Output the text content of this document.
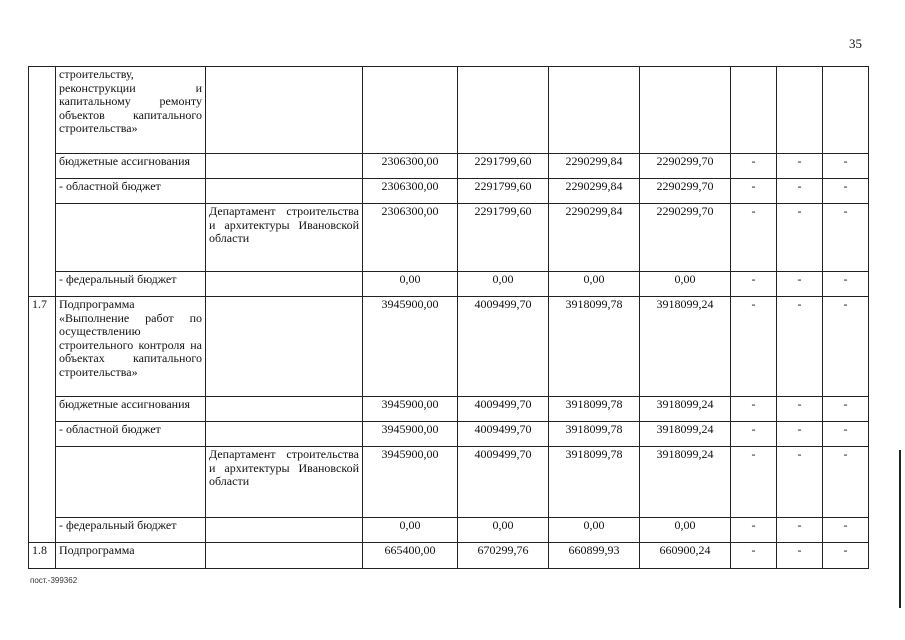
35
	строительству, реконструкции и капитальному ремонту объектов капитального строительства»								
	бюджетные ассигнования		2306300,00	2291799,60	2290299,84	2290299,70	-	-	-
	- областной бюджет		2306300,00	2291799,60	2290299,84	2290299,70	-	-	-
		Департамент строительства и архитектуры Ивановской области	2306300,00	2291799,60	2290299,84	2290299,70	-	-	-
	- федеральный бюджет		0,00	0,00	0,00	0,00	-	-	-
1.7	Подпрограмма «Выполнение работ по осуществлению строительного контроля на объектах капитального строительства»		3945900,00	4009499,70	3918099,78	3918099,24	-	-	-
	бюджетные ассигнования		3945900,00	4009499,70	3918099,78	3918099,24	-	-	-
	- областной бюджет		3945900,00	4009499,70	3918099,78	3918099,24	-	-	-
		Департамент строительства и архитектуры Ивановской области	3945900,00	4009499,70	3918099,78	3918099,24	-	-	-
	- федеральный бюджет		0,00	0,00	0,00	0,00	-	-	-
1.8	Подпрограмма		665400,00	670299,76	660899,93	660900,24	-	-	-
пост.-399362
